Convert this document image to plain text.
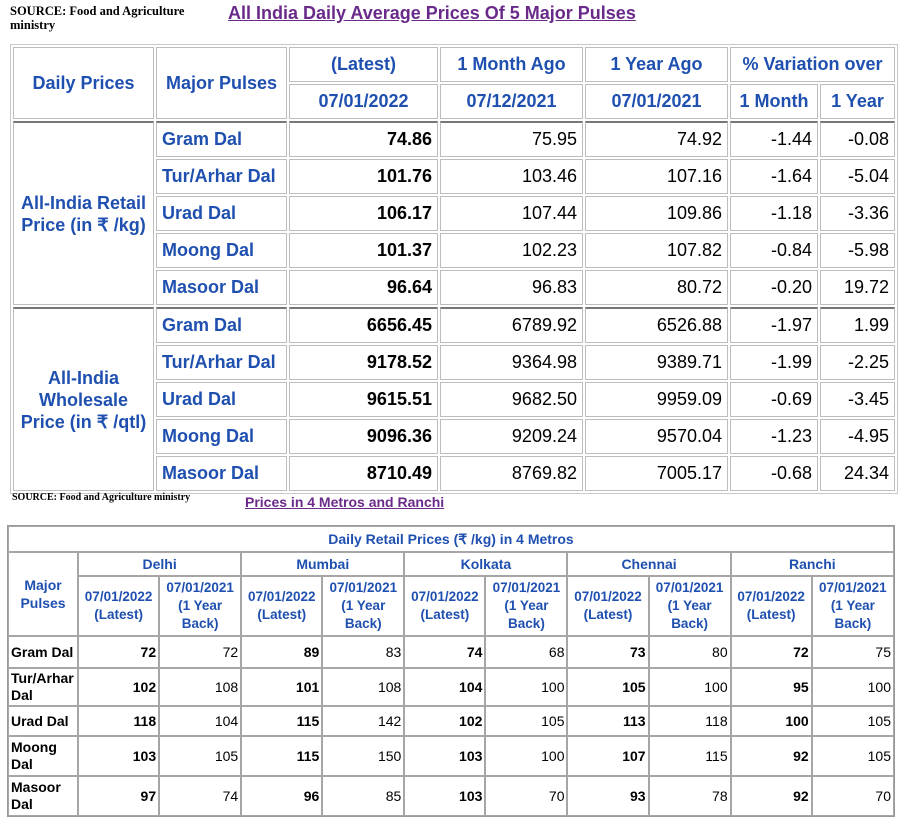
SOURCE: Food and Agriculture ministry
All India Daily Average Prices Of 5 Major Pulses
Daily Prices	Major Pulses	(Latest)	1 Month Ago	1 Year Ago	% Variation over	
		07/01/2022	07/12/2021	07/01/2021	1 Month	1 Year
All-India Retail Price (in ₹ /kg)	Gram Dal	74.86	75.95	74.92	-1.44	-0.08
	Tur/Arhar Dal	101.76	103.46	107.16	-1.64	-5.04
	Urad Dal	106.17	107.44	109.86	-1.18	-3.36
	Moong Dal	101.37	102.23	107.82	-0.84	-5.98
	Masoor Dal	96.64	96.83	80.72	-0.20	19.72
All-India Wholesale Price (in ₹ /qtl)	Gram Dal	6656.45	6789.92	6526.88	-1.97	1.99
	Tur/Arhar Dal	9178.52	9364.98	9389.71	-1.99	-2.25
	Urad Dal	9615.51	9682.50	9959.09	-0.69	-3.45
	Moong Dal	9096.36	9209.24	9570.04	-1.23	-4.95
	Masoor Dal	8710.49	8769.82	7005.17	-0.68	24.34
SOURCE: Food and Agriculture ministry	Prices in 4 Metros and Ranchi
Daily Retail Prices (₹ /kg) in 4 Metros										
Major Pulses	Delhi		Mumbai		Kolkata		Chennai		Ranchi	
	07/01/2022 (Latest)	07/01/2021 (1 Year Back)	07/01/2022 (Latest)	07/01/2021 (1 Year Back)	07/01/2022 (Latest)	07/01/2021 (1 Year Back)	07/01/2022 (Latest)	07/01/2021 (1 Year Back)	07/01/2022 (Latest)	07/01/2021 (1 Year Back)
Gram Dal	72	72	89	83	74	68	73	80	72	75
Tur/Arhar Dal	102	108	101	108	104	100	105	100	95	100
Urad Dal	118	104	115	142	102	105	113	118	100	105
Moong Dal	103	105	115	150	103	100	107	115	92	105
Masoor Dal	97	74	96	85	103	70	93	78	92	70
